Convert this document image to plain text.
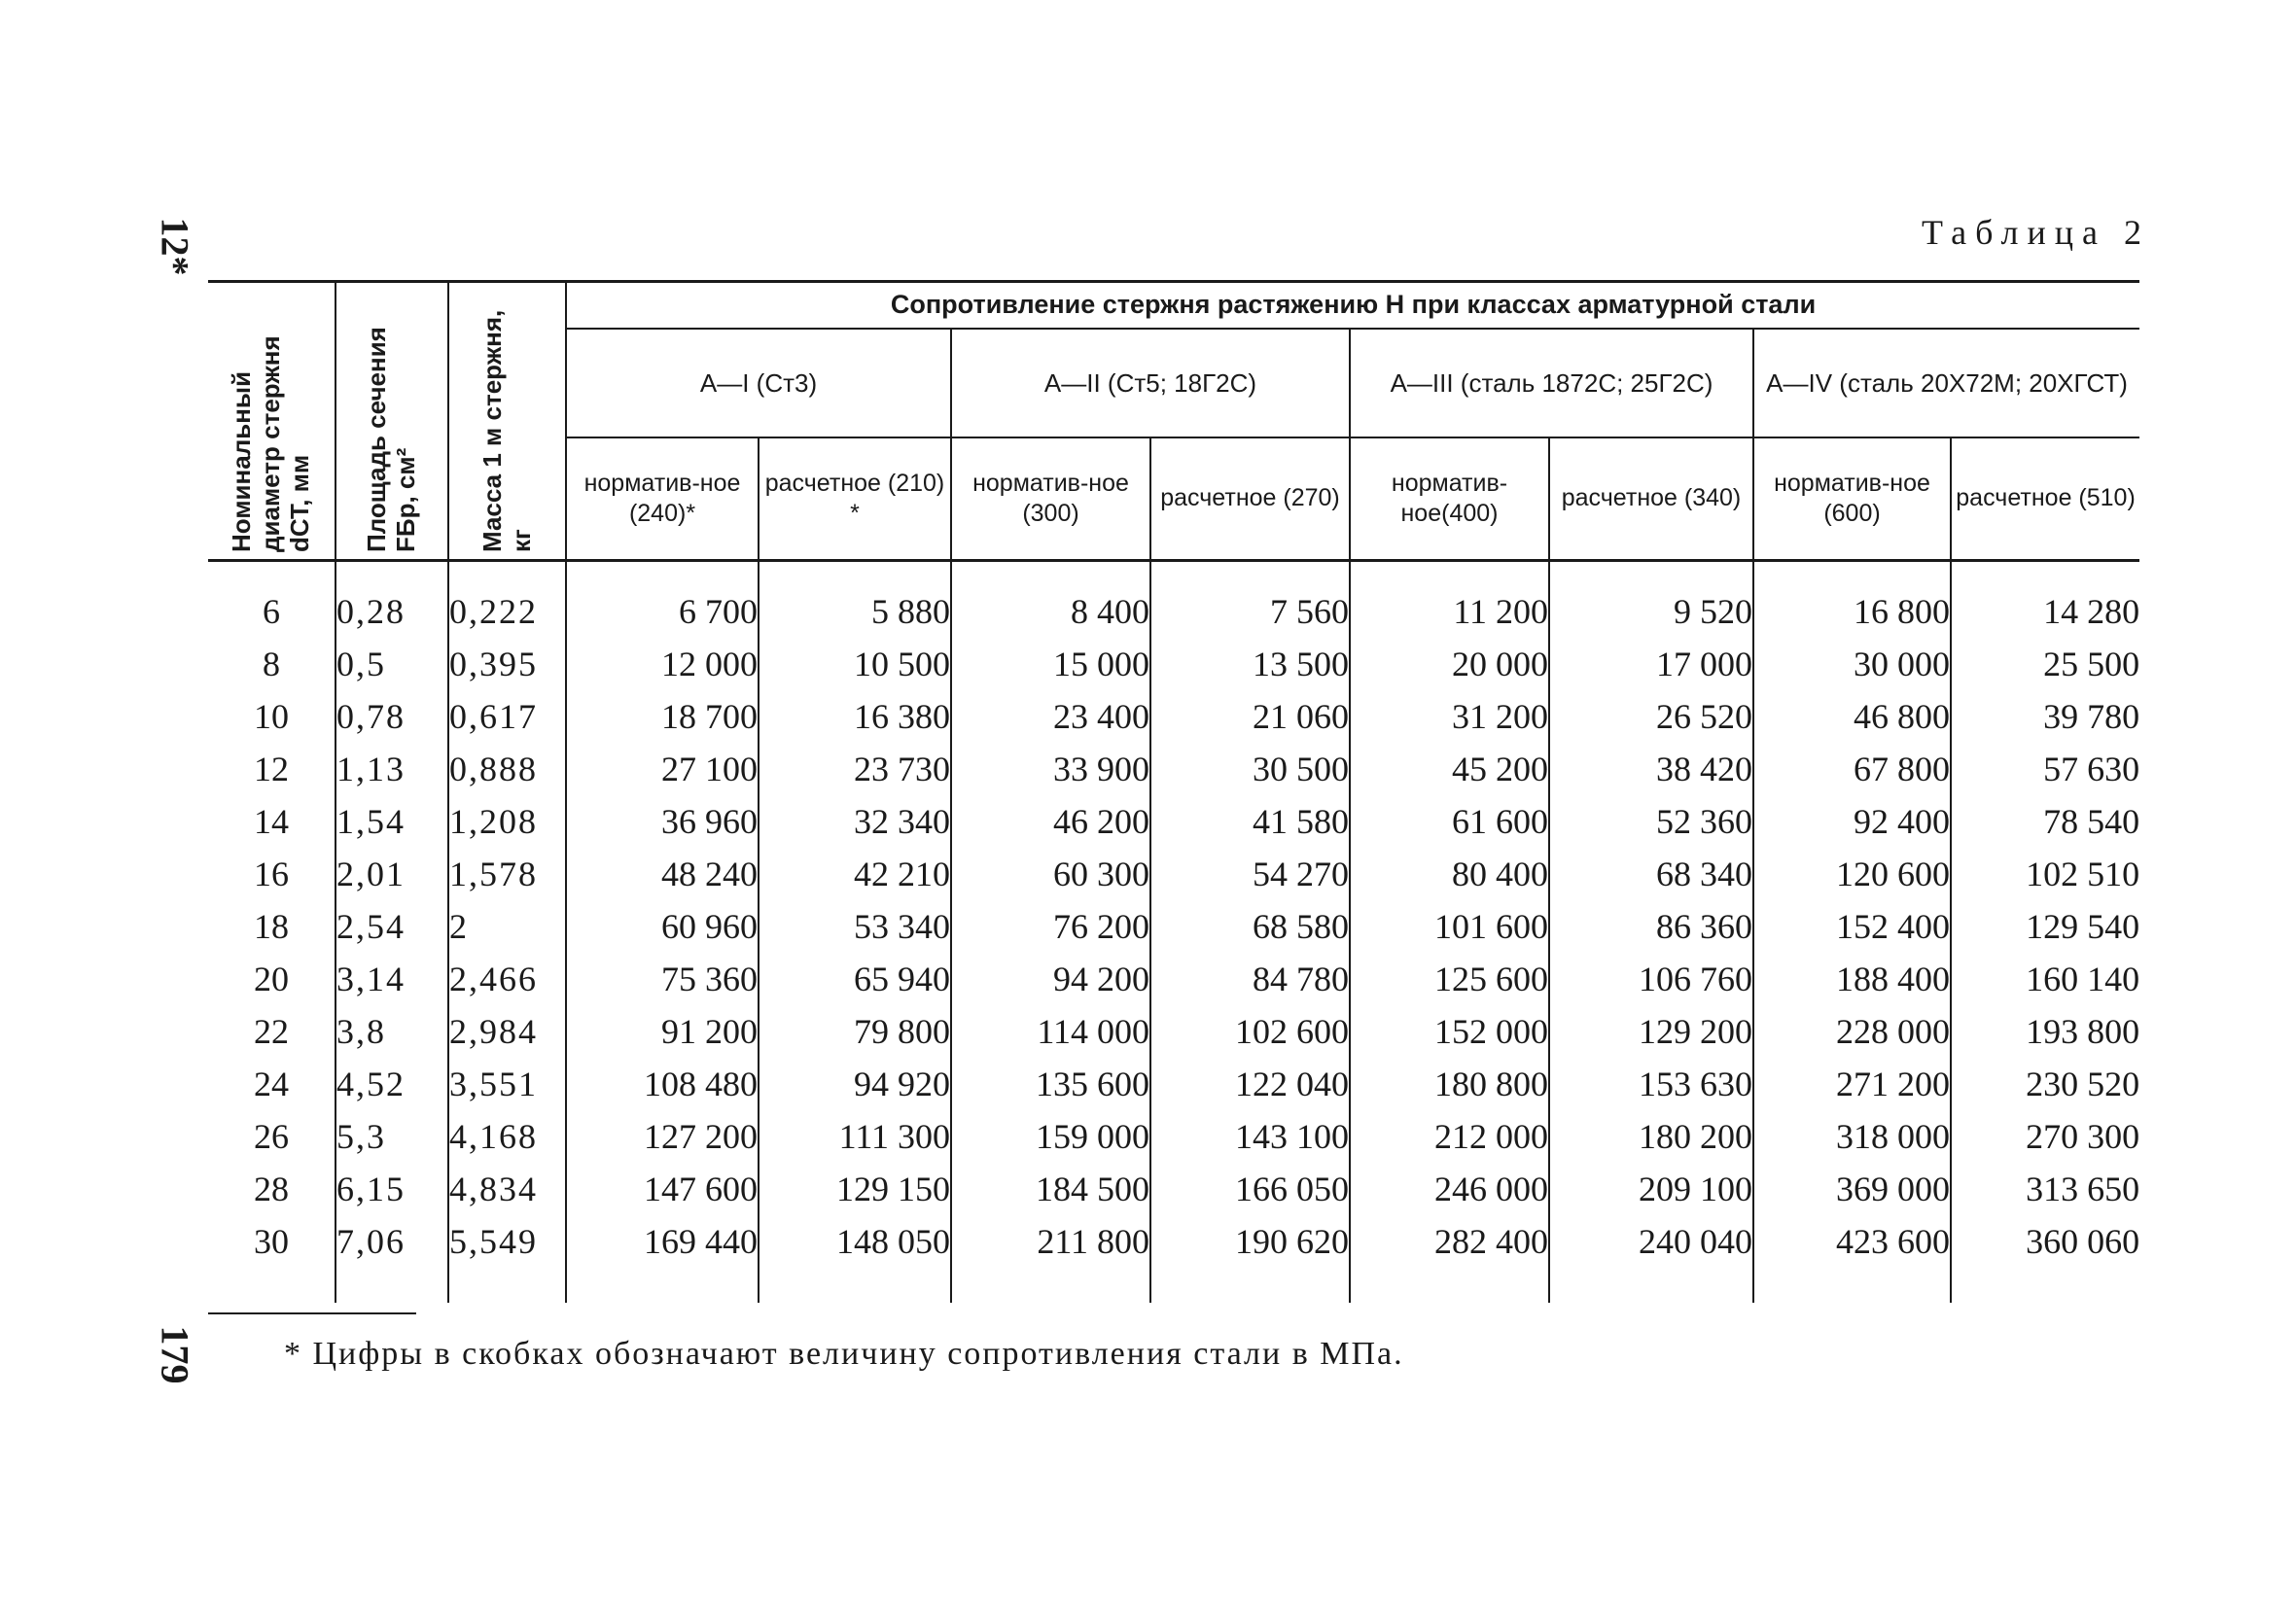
12*
179
Таблица 2
Номинальный диаметр стержня dСТ, мм	Площадь сечения FБр, см²	Масса 1 м стержня, кг	Сопротивление стержня растяжению H при классах арматурной стали							
			А—I (Ст3)		А—II (Ст5; 18Г2С)		А—III (сталь 1872С; 25Г2С)		А—IV (сталь 20Х72М; 20ХГСТ)	
			норматив-ное (240)*	расчетное (210) *	норматив-ное (300)	расчетное (270)	норматив-ное(400)	расчетное (340)	норматив-ное (600)	расчетное (510)

6	0,28	0,222	6 700	5 880	8 400	7 560	11 200	9 520	16 800	14 280
8	0,5	0,395	12 000	10 500	15 000	13 500	20 000	17 000	30 000	25 500
10	0,78	0,617	18 700	16 380	23 400	21 060	31 200	26 520	46 800	39 780
12	1,13	0,888	27 100	23 730	33 900	30 500	45 200	38 420	67 800	57 630
14	1,54	1,208	36 960	32 340	46 200	41 580	61 600	52 360	92 400	78 540
16	2,01	1,578	48 240	42 210	60 300	54 270	80 400	68 340	120 600	102 510
18	2,54	2	60 960	53 340	76 200	68 580	101 600	86 360	152 400	129 540
20	3,14	2,466	75 360	65 940	94 200	84 780	125 600	106 760	188 400	160 140
22	3,8	2,984	91 200	79 800	114 000	102 600	152 000	129 200	228 000	193 800
24	4,52	3,551	108 480	94 920	135 600	122 040	180 800	153 630	271 200	230 520
26	5,3	4,168	127 200	111 300	159 000	143 100	212 000	180 200	318 000	270 300
28	6,15	4,834	147 600	129 150	184 500	166 050	246 000	209 100	369 000	313 650
30	7,06	5,549	169 440	148 050	211 800	190 620	282 400	240 040	423 600	360 060

* Цифры в скобках обозначают величину сопротивления стали в МПа.
